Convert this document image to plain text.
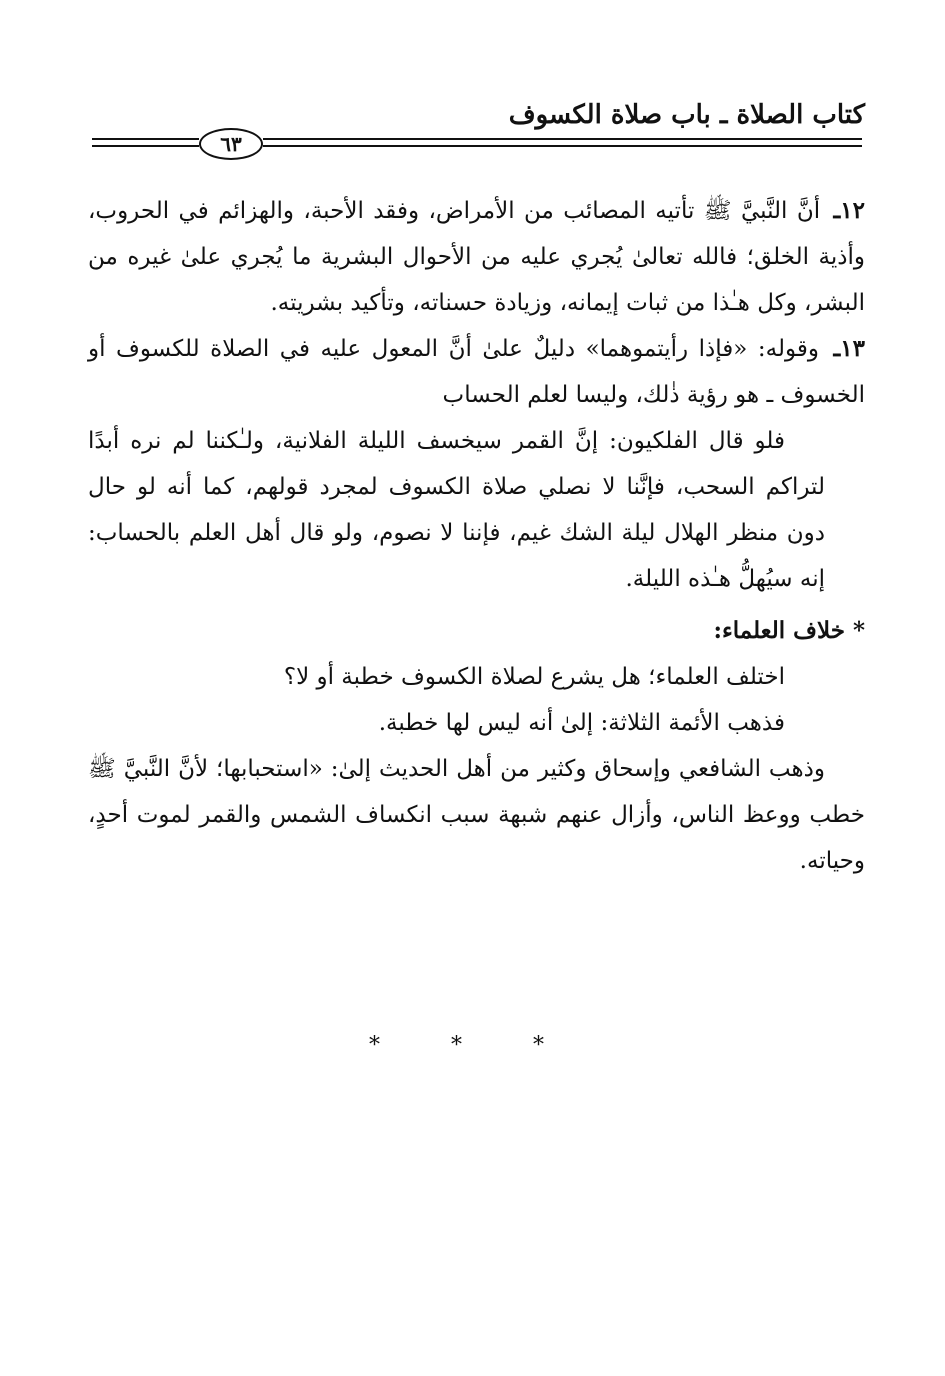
كتاب الصلاة ـ باب صلاة الكسوف
٦٣

١٢ـ أنَّ النَّبيَّ ﷺ تأتيه المصائب من الأمراض، وفقد الأحبة، والهزائم في الحروب، وأذية الخلق؛ فالله تعالىٰ يُجري عليه من الأحوال البشرية ما يُجري علىٰ غيره من البشر، وكل هـٰذا من ثبات إيمانه، وزيادة حسناته، وتأكيد بشريته.

١٣ـ وقوله: «فإذا رأيتموهما» دليلٌ علىٰ أنَّ المعول عليه في الصلاة للكسوف أو الخسوف ـ هو رؤية ذٰلك، وليسا لعلم الحساب

فلو قال الفلكيون: إنَّ القمر سيخسف الليلة الفلانية، ولـٰكننا لم نره أبدًا لتراكم السحب، فإنَّنا لا نصلي صلاة الكسوف لمجرد قولهم، كما أنه لو حال دون منظر الهلال ليلة الشك غيم، فإننا لا نصوم، ولو قال أهل العلم بالحساب: إنه سيُهلُّ هـٰذه الليلة.

* خلاف العلماء:

اختلف العلماء؛ هل يشرع لصلاة الكسوف خطبة أو لا؟

فذهب الأئمة الثلاثة: إلىٰ أنه ليس لها خطبة.

وذهب الشافعي وإسحاق وكثير من أهل الحديث إلىٰ: «استحبابها؛ لأنَّ النَّبيَّ ﷺ خطب ووعظ الناس، وأزال عنهم شبهة سبب انكساف الشمس والقمر لموت أحدٍ، وحياته.

* * *
